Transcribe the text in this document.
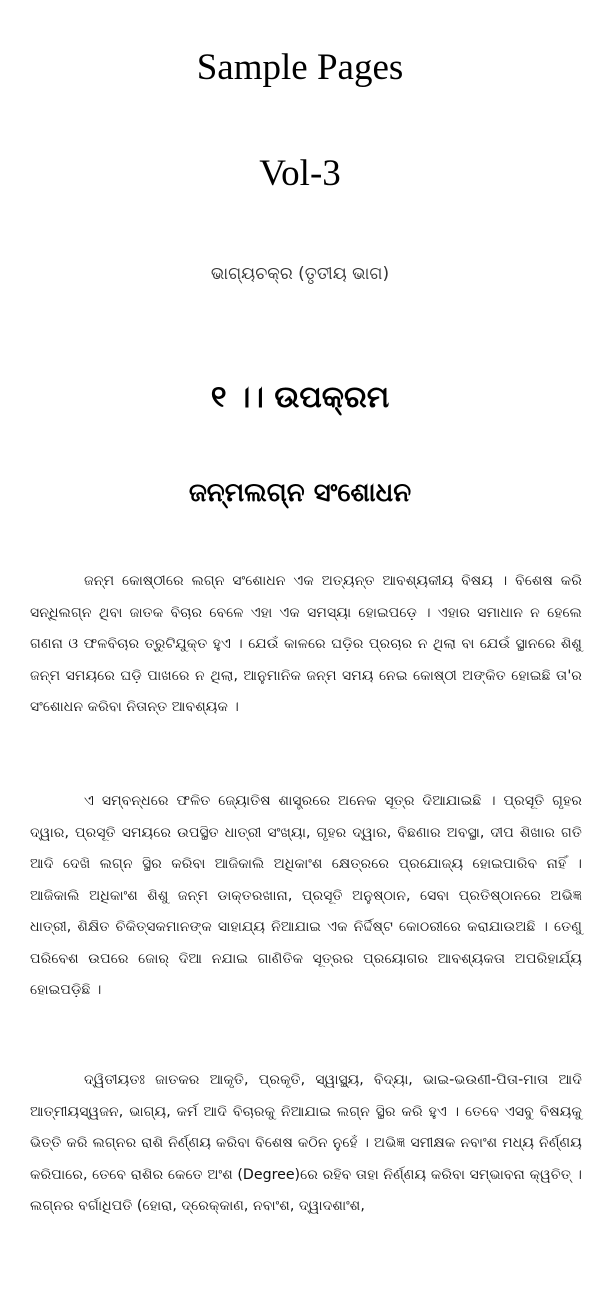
Sample Pages
Vol-3
ଭାଗ୍ୟଚକ୍ର (ତୃତୀୟ ଭାଗ)
୧ ।। ଉପକ୍ରମ
ଜନ୍ମଲଗ୍ନ ସଂଶୋଧନ

ଜନ୍ମ କୋଷ୍ଠୀରେ ଲଗ୍ନ ସଂଶୋଧନ ଏକ ଅତ୍ୟନ୍ତ ଆବଶ୍ୟକୀୟ ବିଷୟ । ବିଶେଷ କରି ସନ୍ଧିଲଗ୍ନ ଥିବା ଜାତକ ବିଚାର ବେଳେ ଏହା ଏକ ସମସ୍ୟା ହୋଇପଡ଼େ । ଏହାର ସମାଧାନ ନ ହେଲେ ଗଣନା ଓ ଫଳବିଚାର ତ୍ରୁଟିଯୁକ୍ତ ହୁଏ । ଯେଉଁ କାଳରେ ଘଡ଼ିର ପ୍ରଚାର ନ ଥିଲା ବା ଯେଉଁ ସ୍ଥାନରେ ଶିଶୁ ଜନ୍ମ ସମୟରେ ଘଡ଼ି ପାଖରେ ନ ଥିଲା, ଆନୁମାନିକ ଜନ୍ମ ସମୟ ନେଇ କୋଷ୍ଠୀ ଅଙ୍କିତ ହୋଇଛି ତା'ର ସଂଶୋଧନ କରିବା ନିତାନ୍ତ ଆବଶ୍ୟକ ।

ଏ ସମ୍ବନ୍ଧରେ ଫଳିତ ଜ୍ୟୋତିଷ ଶାସ୍ତ୍ରରେ ଅନେକ ସୂତ୍ର ଦିଆଯାଇଛି । ପ୍ରସୂତି ଗୃହର ଦ୍ୱାର, ପ୍ରସୂତି ସମୟରେ ଉପସ୍ଥିତ ଧାତ୍ରୀ ସଂଖ୍ୟା, ଗୃହର ଦ୍ୱାର, ବିଛଣାର ଅବସ୍ଥା, ଦୀପ ଶିଖାର ଗତି ଆଦି ଦେଖି ଲଗ୍ନ ସ୍ଥିର କରିବା ଆଜିକାଲି ଅଧିକାଂଶ କ୍ଷେତ୍ରରେ ପ୍ରଯୋଜ୍ୟ ହୋଇପାରିବ ନାହିଁ । ଆଜିକାଲି ଅଧିକାଂଶ ଶିଶୁ ଜନ୍ମ ଡାକ୍ତରଖାନା, ପ୍ରସୂତି ଅନୁଷ୍ଠାନ, ସେବା ପ୍ରତିଷ୍ଠାନରେ ଅଭିଜ୍ଞ ଧାତ୍ରୀ, ଶିକ୍ଷିତ ଚିକିତ୍ସକମାନଙ୍କ ସାହାଯ୍ୟ ନିଆଯାଇ ଏକ ନିର୍ଦ୍ଦିଷ୍ଟ କୋଠରୀରେ କରାଯାଉଅଛି । ତେଣୁ ପରିବେଶ ଉପରେ ଜୋର୍ ଦିଆ ନଯାଇ ଗାଣିତିକ ସୂତ୍ରର ପ୍ରୟୋଗର ଆବଶ୍ୟକତା ଅପରିହାର୍ଯ୍ୟ ହୋଇପଡ଼ିଛି ।

ଦ୍ୱିତୀୟତଃ ଜାତକର ଆକୃତି, ପ୍ରକୃତି, ସ୍ୱାସ୍ଥ୍ୟ, ବିଦ୍ୟା, ଭାଇ-ଭଉଣୀ-ପିତା-ମାତା ଆଦି ଆତ୍ମୀୟସ୍ୱଜନ, ଭାଗ୍ୟ, କର୍ମ ଆଦି ବିଚାରକୁ ନିଆଯାଇ ଲଗ୍ନ ସ୍ଥିର କରି ହୁଏ । ତେବେ ଏସବୁ ବିଷୟକୁ ଭିତ୍ତି କରି ଲଗ୍ନର ରାଶି ନିର୍ଣ୍ଣୟ କରିବା ବିଶେଷ କଠିନ ନୁହେଁ । ଅଭିଜ୍ଞ ସମୀକ୍ଷକ ନବାଂଶ ମଧ୍ୟ ନିର୍ଣ୍ଣୟ କରିପାରେ, ତେବେ ରାଶିର କେତେ ଅଂଶ (Degree)ରେ ରହିବ ତାହା ନିର୍ଣ୍ଣୟ କରିବା ସମ୍ଭାବନା କ୍ୱଚିତ୍ । ଲଗ୍ନର ବର୍ଗାଧିପତି (ହୋରା, ଦ୍ରେକ୍କାଣ, ନବାଂଶ, ଦ୍ୱାଦଶାଂଶ,
